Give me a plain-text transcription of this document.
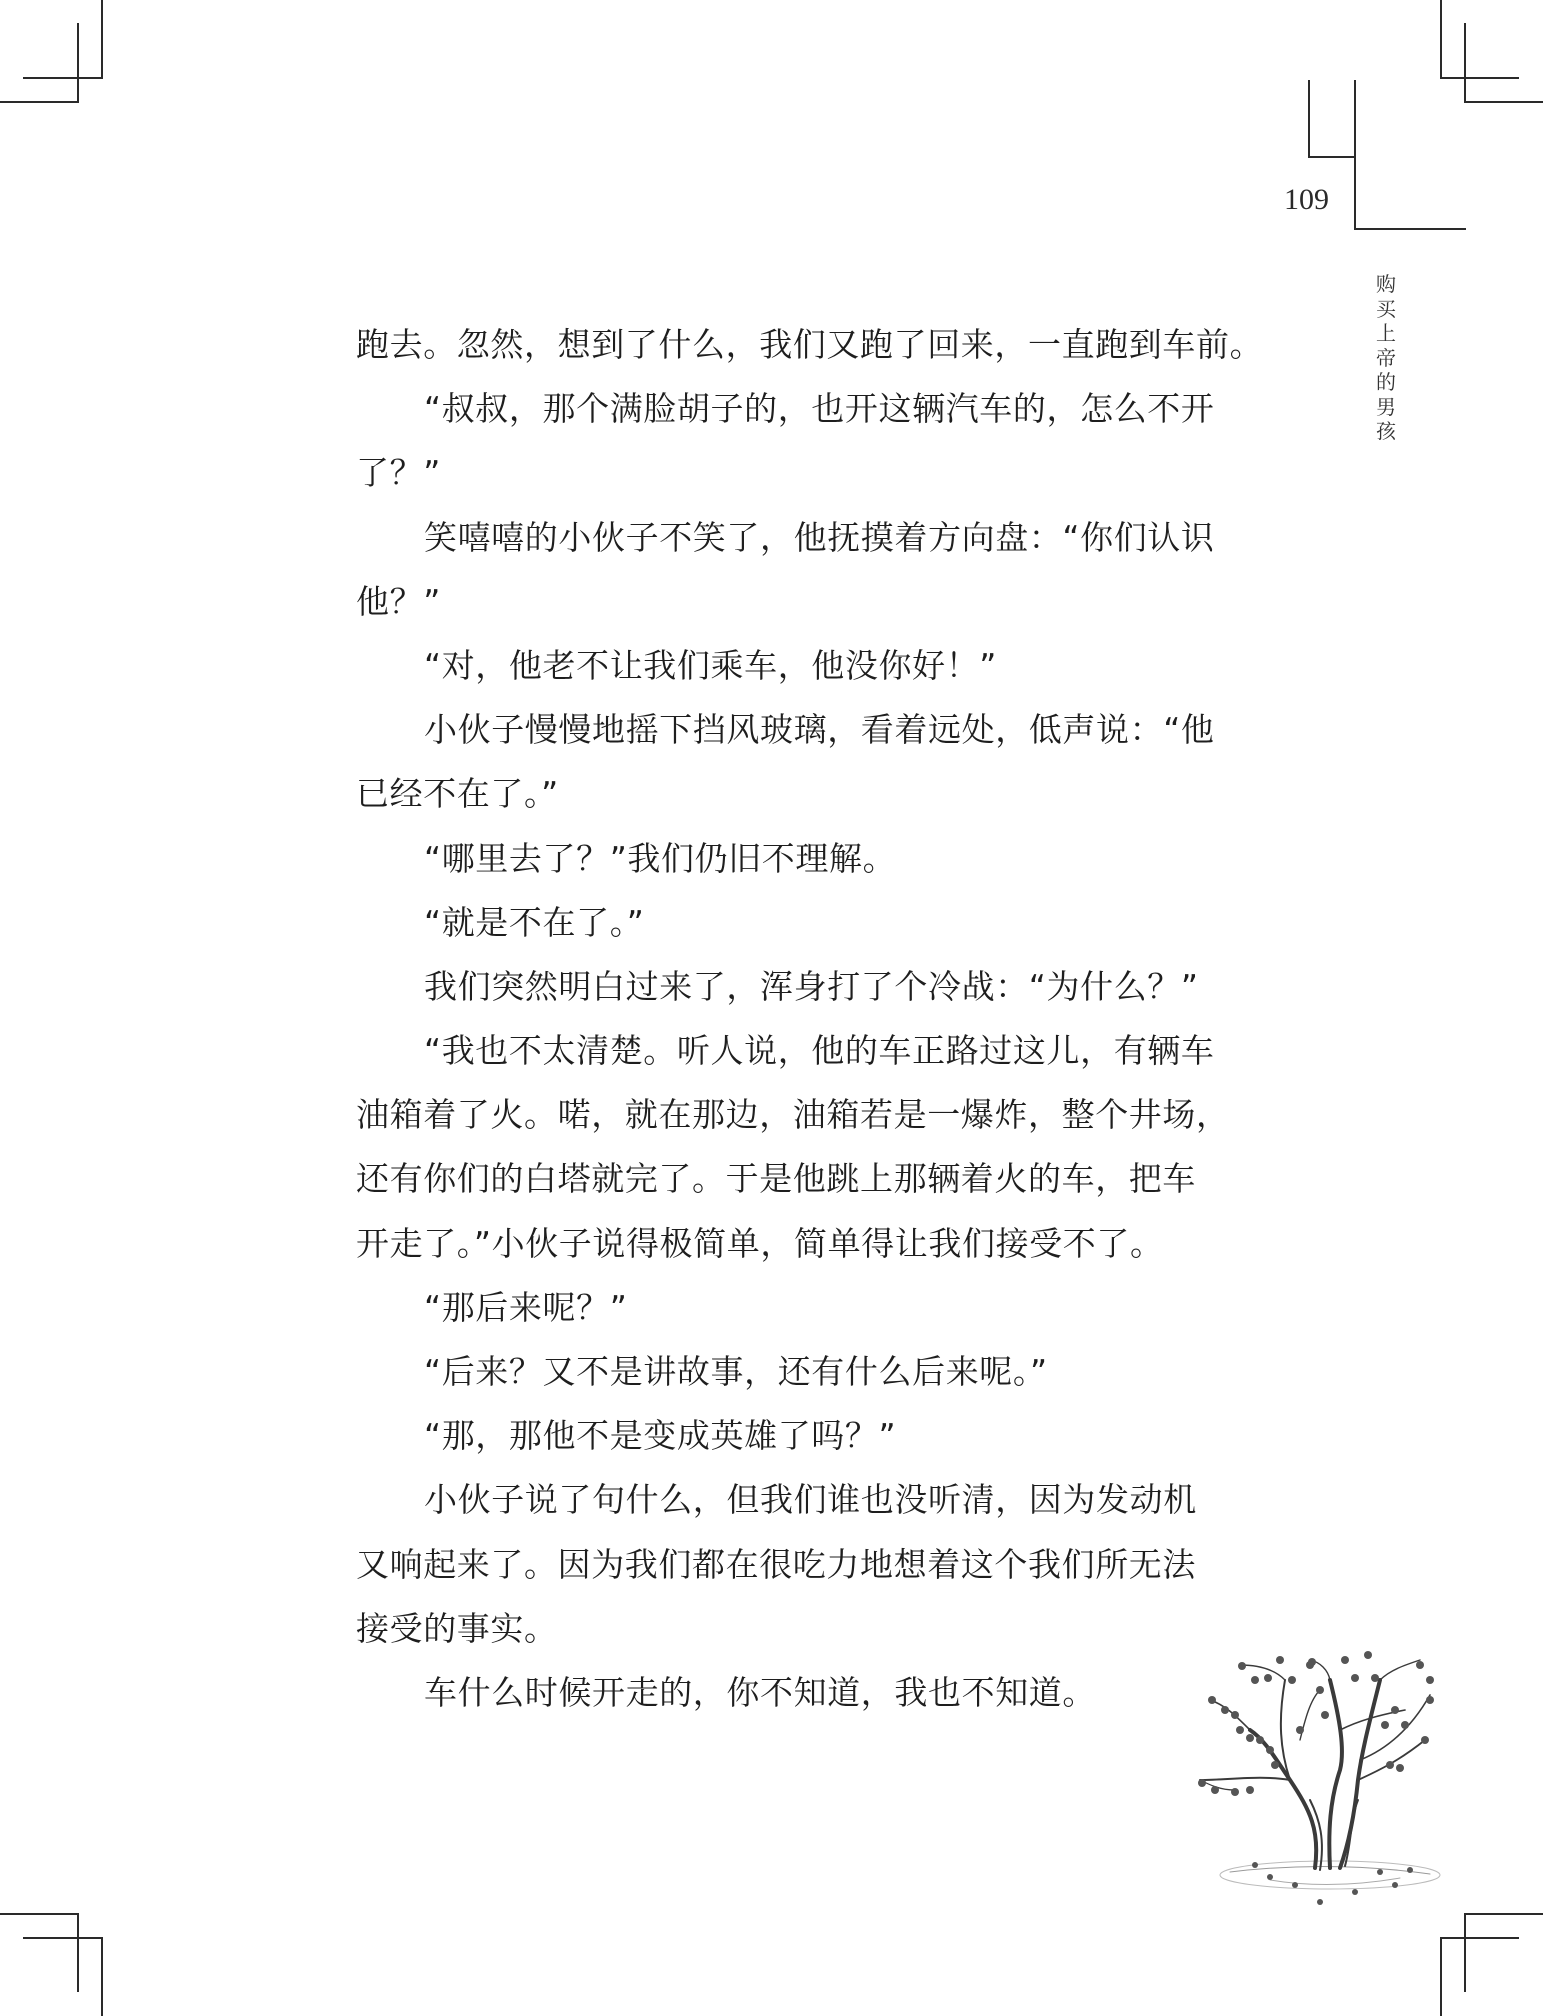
109
购买上帝的男孩
跑去。忽然，想到了什么，我们又跑了回来，一直跑到车前。
“叔叔，那个满脸胡子的，也开这辆汽车的，怎么不开
了？”
笑嘻嘻的小伙子不笑了，他抚摸着方向盘：“你们认识
他？”
“对，他老不让我们乘车，他没你好！”
小伙子慢慢地摇下挡风玻璃，看着远处，低声说：“他
已经不在了。”
“哪里去了？”我们仍旧不理解。
“就是不在了。”
我们突然明白过来了，浑身打了个冷战：“为什么？”
“我也不太清楚。听人说，他的车正路过这儿，有辆车
油箱着了火。喏，就在那边，油箱若是一爆炸，整个井场，
还有你们的白塔就完了。于是他跳上那辆着火的车，把车
开走了。”小伙子说得极简单，简单得让我们接受不了。
“那后来呢？”
“后来？又不是讲故事，还有什么后来呢。”
“那，那他不是变成英雄了吗？”
小伙子说了句什么，但我们谁也没听清，因为发动机
又响起来了。因为我们都在很吃力地想着这个我们所无法
接受的事实。
车什么时候开走的，你不知道，我也不知道。
